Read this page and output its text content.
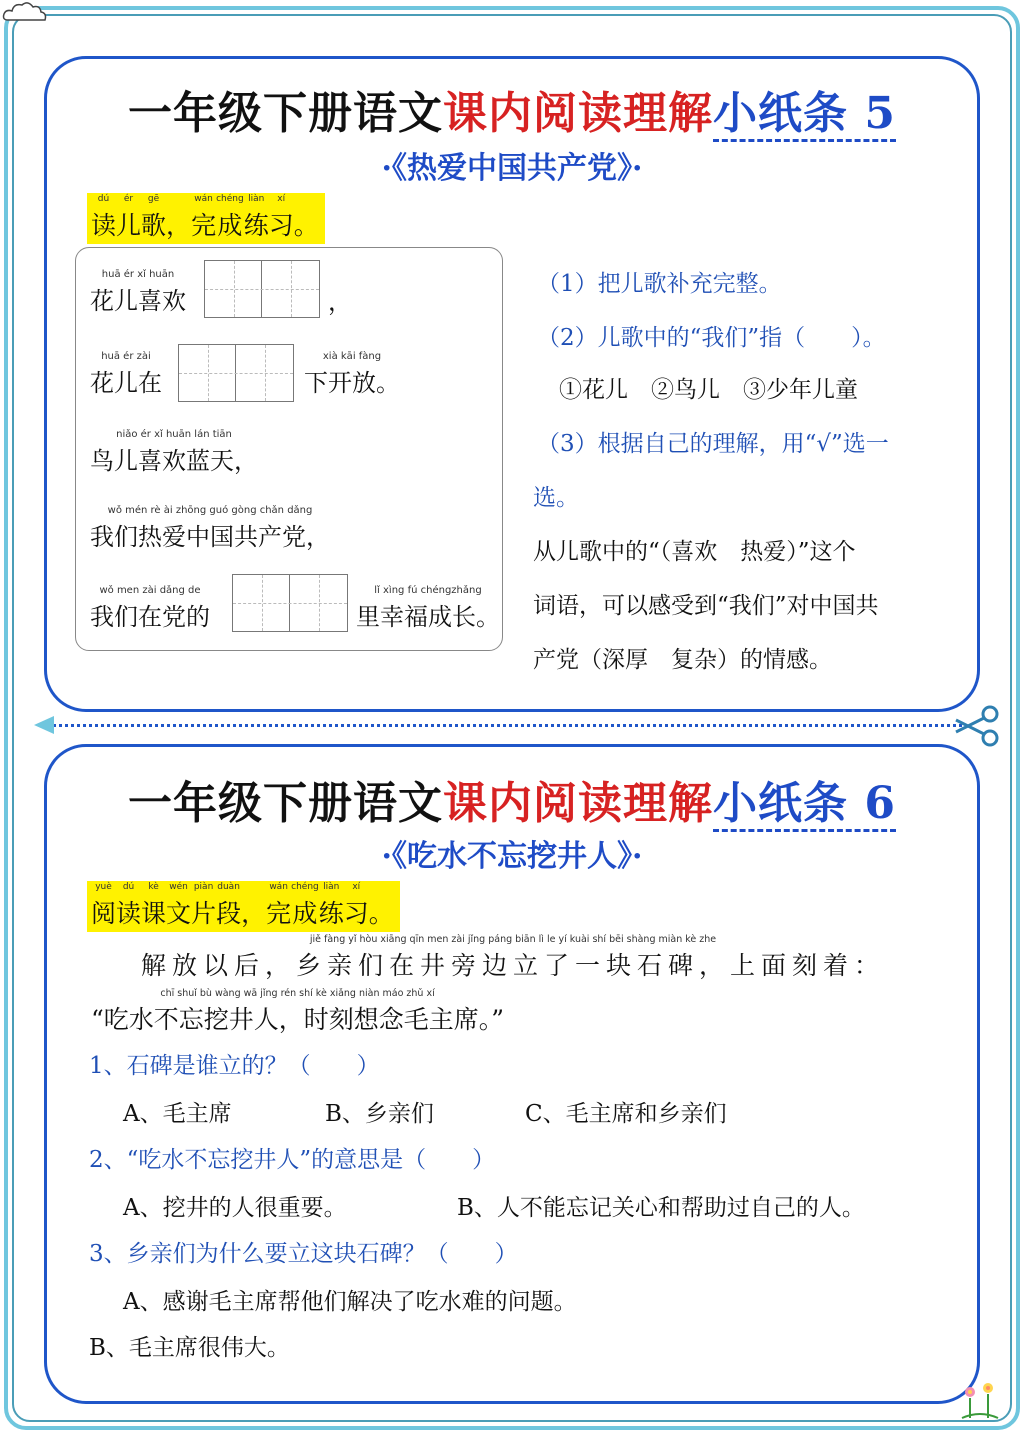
一年级下册语文课内阅读理解小纸条 5
·《热爱中国共产党》·
dú
读
ér
儿
gē
歌
，
wán
完
chéng
成
liàn
练
xí
习
。
huā ér xǐ huān
花儿喜欢	，
huā ér zài
花儿在
xià kāi fàng
下开放。
niǎo ér xǐ huān lán tiān
鸟儿喜欢蓝天，
wǒ mén rè ài zhōng guó gòng chǎn dǎng
我们热爱中国共产党，
wǒ men zài dǎng de
我们在党的
lǐ xìng fú chéngzhǎng
里幸福成长。
（1）把儿歌补充完整。
（2）儿歌中的“我们”指（　　）。
①花儿　②鸟儿　③少年儿童
（3）根据自己的理解，用“√”选一
选。
从儿歌中的“（喜欢　热爱）”这个
词语，可以感受到“我们”对中国共
产党（深厚　复杂）的情感。
一年级下册语文课内阅读理解小纸条 6
·《吃水不忘挖井人》·
yuè
阅
dú
读
kè
课
wén
文
piàn
片
duàn
段
，
wán
完
chéng
成
liàn
练
xí
习
。
jiě fàng yǐ hòu xiāng qīn men zài jǐng páng biān lì le yí kuài shí bēi shàng miàn kè zhe
解放以后，乡亲们在井旁边立了一块石碑，上面刻着：
chī shuǐ bù wàng wā jǐng rén shí kè xiǎng niàn máo zhǔ xí
“吃水不忘挖井人，时刻想念毛主席。”
1、石碑是谁立的？（　　）
A、毛主席	B、乡亲们	C、毛主席和乡亲们
2、“吃水不忘挖井人”的意思是（　　）
A、挖井的人很重要。	B、人不能忘记关心和帮助过自己的人。
3、乡亲们为什么要立这块石碑？（　　）
A、感谢毛主席帮他们解决了吃水难的问题。
B、毛主席很伟大。
